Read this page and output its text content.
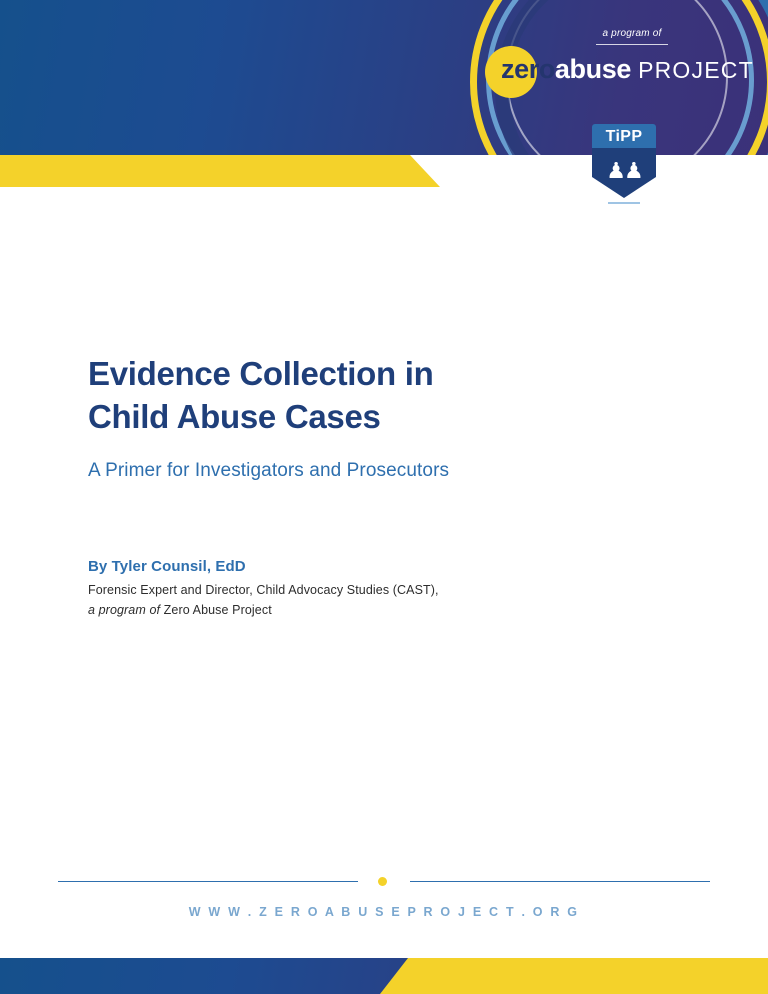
a program of
zeroabuse PROJECT
TiPP
♟♟
Evidence Collection in
Child Abuse Cases

A Primer for Investigators and Prosecutors

By Tyler Counsil, EdD

Forensic Expert and Director, Child Advocacy Studies (CAST),

a program of Zero Abuse Project

W W W . Z E R O A B U S E P R O J E C T . O R G
